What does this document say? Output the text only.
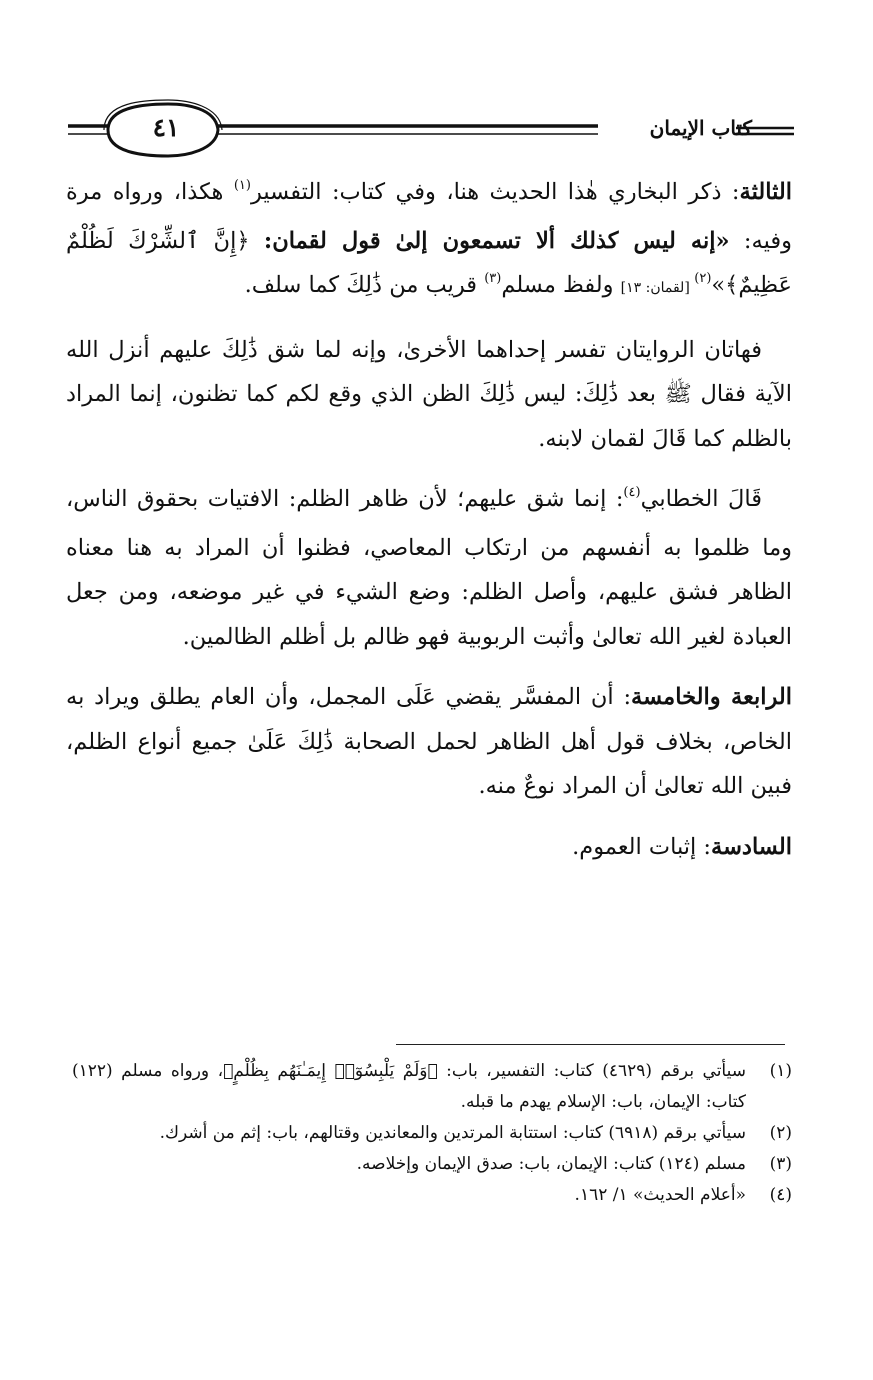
كتاب الإيمان
٤١

الثالثة: ذكر البخاري هٰذا الحديث هنا، وفي كتاب: التفسير$^{(١)}$ هكذا، ورواه مرة وفيه: «إنه ليس كذلك ألا تسمعون إلىٰ قول لقمان: ﴿إِنَّ ٱلشِّرْكَ لَظُلْمٌ عَظِيمٌ﴾»$^{(٢)}$ [لقمان: ١٣] ولفظ مسلم$^{(٣)}$ قريب من ذَٰلِكَ كما سلف.

فهاتان الروايتان تفسر إحداهما الأخرىٰ، وإنه لما شق ذَٰلِكَ عليهم أنزل الله الآية فقال ﷺ بعد ذَٰلِكَ: ليس ذَٰلِكَ الظن الذي وقع لكم كما تظنون، إنما المراد بالظلم كما قَالَ لقمان لابنه.

قَالَ الخطابي$^{(٤)}$: إنما شق عليهم؛ لأن ظاهر الظلم: الافتيات بحقوق الناس، وما ظلموا به أنفسهم من ارتكاب المعاصي، فظنوا أن المراد به هنا معناه الظاهر فشق عليهم، وأصل الظلم: وضع الشيء في غير موضعه، ومن جعل العبادة لغير الله تعالىٰ وأثبت الربوبية فهو ظالم بل أظلم الظالمين.

الرابعة والخامسة: أن المفسَّر يقضي عَلَى المجمل، وأن العام يطلق ويراد به الخاص، بخلاف قول أهل الظاهر لحمل الصحابة ذَٰلِكَ عَلَىٰ جميع أنواع الظلم، فبين الله تعالىٰ أن المراد نوعٌ منه.

السادسة: إثبات العموم.

(١)
سيأتي برقم (٤٦٢٩) كتاب: التفسير، باب: ﴿وَلَمْ يَلْبِسُوٓا۟ إِيمَـٰنَهُم بِظُلْمٍ﴾، ورواه مسلم (١٢٢) كتاب: الإيمان، باب: الإسلام يهدم ما قبله.
(٢)
سيأتي برقم (٦٩١٨) كتاب: استتابة المرتدين والمعاندين وقتالهم، باب: إثم من أشرك.
(٣)
مسلم (١٢٤) كتاب: الإيمان، باب: صدق الإيمان وإخلاصه.
(٤)
«أعلام الحديث» ١/ ١٦٢.
